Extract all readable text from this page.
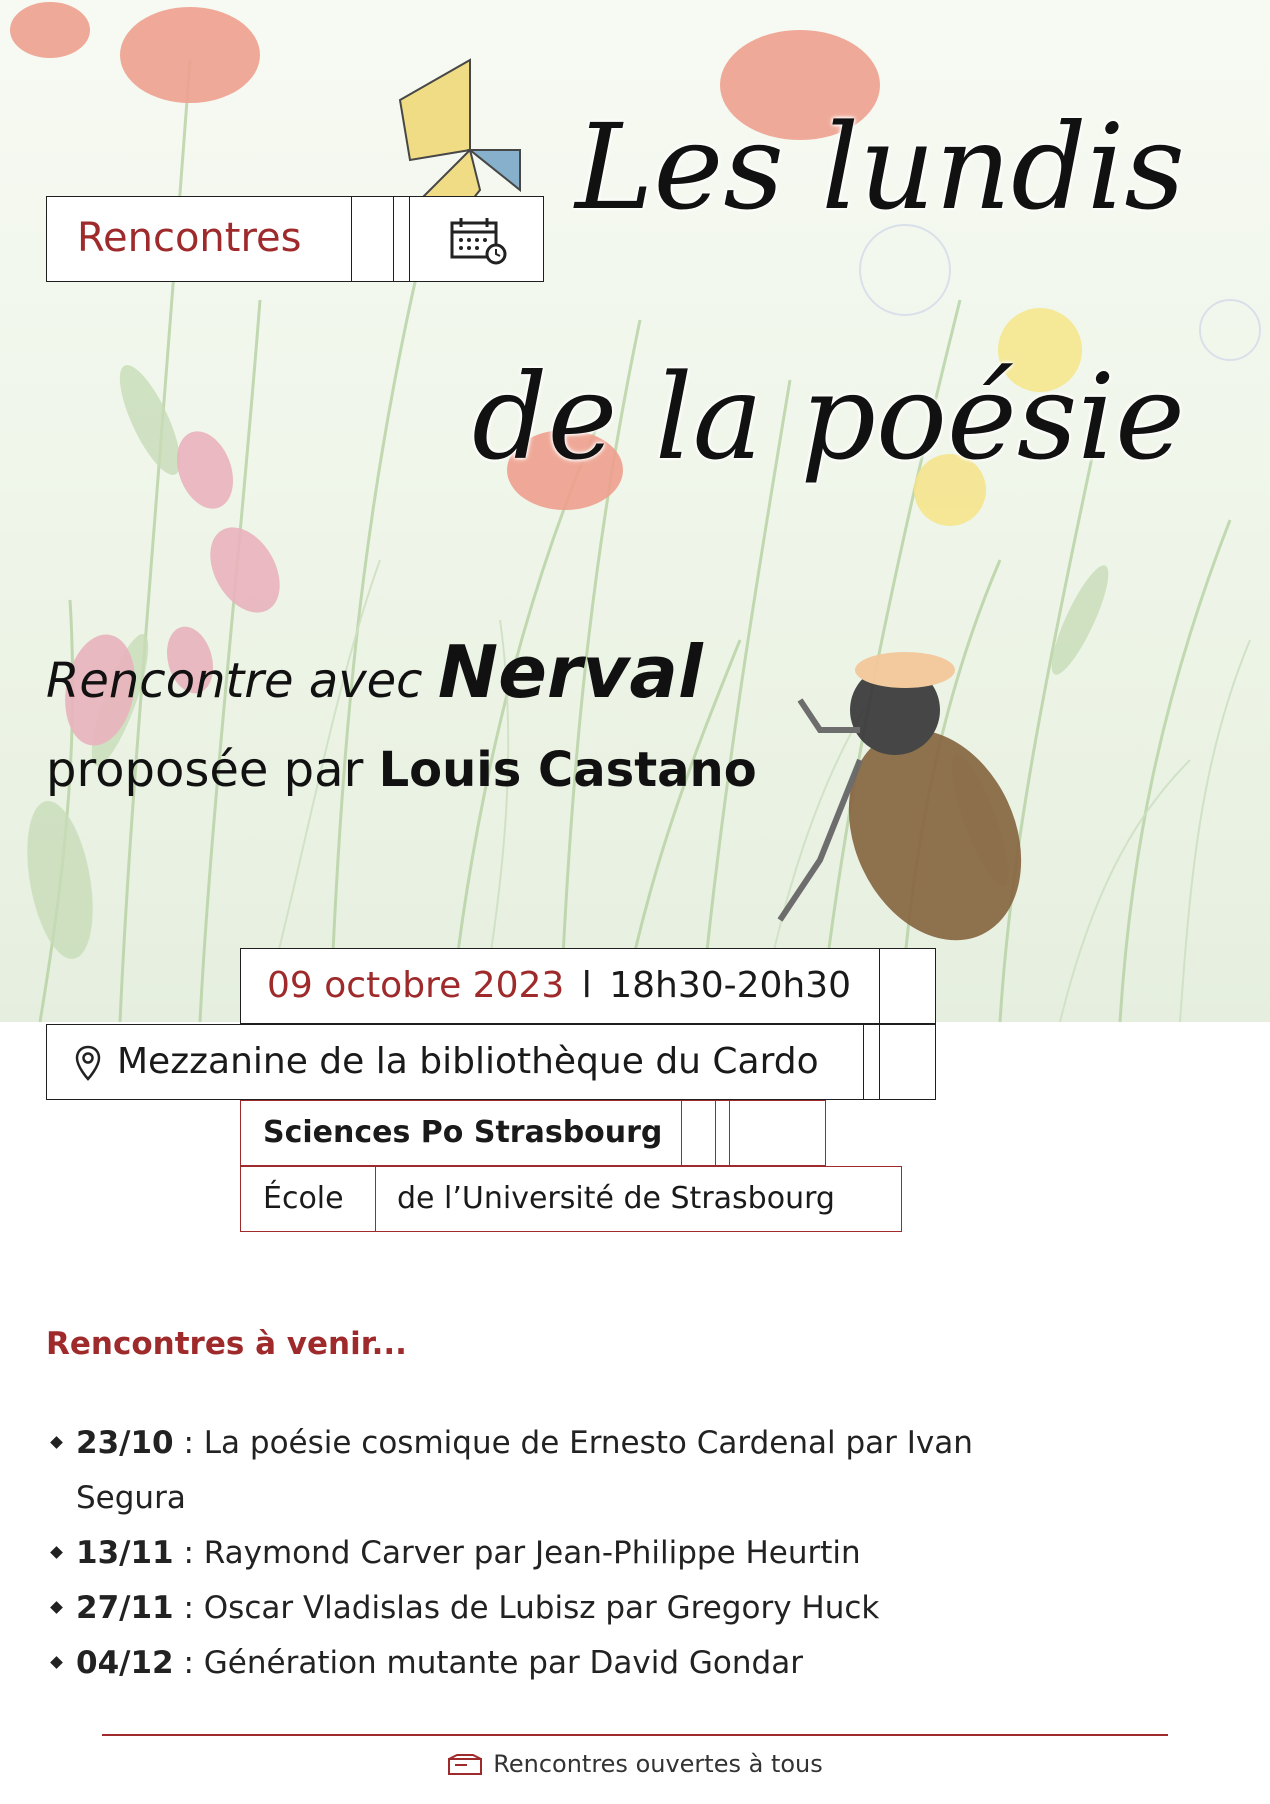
Les lundis
de la poésie
Rencontre avec Nerval
proposée par Louis Castano
Rencontres
09 octobre 2023 l 18h30-20h30
Mezzanine de la bibliothèque du Cardo
Sciences Po Strasbourg
École de l’Université de Strasbourg
Rencontres à venir...
23/10 : La poésie cosmique de Ernesto Cardenal par Ivan Segura
13/11 : Raymond Carver par Jean-Philippe Heurtin
27/11 : Oscar Vladislas de Lubisz par Gregory Huck
04/12 : Génération mutante par David Gondar
Rencontres ouvertes à tous
